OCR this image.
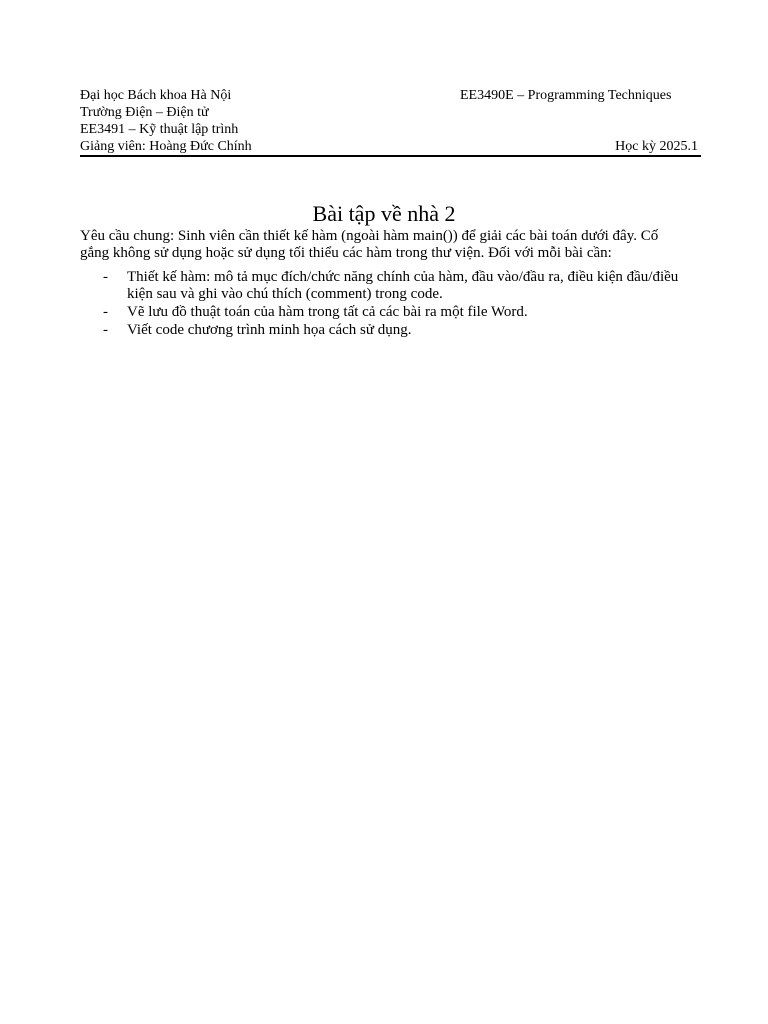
Đại học Bách khoa Hà Nội	EE3490E – Programming Techniques
Trường Điện – Điện tử
EE3491 – Kỹ thuật lập trình
Giảng viên: Hoàng Đức Chính	Học kỳ 2025.1
Bài tập về nhà 2
Yêu cầu chung: Sinh viên cần thiết kế hàm (ngoài hàm main()) để giải các bài toán dưới đây. Cố gắng không sử dụng hoặc sử dụng tối thiểu các hàm trong thư viện. Đối với mỗi bài cần:
- Thiết kế hàm: mô tả mục đích/chức năng chính của hàm, đầu vào/đầu ra, điều kiện đầu/điều kiện sau và ghi vào chú thích (comment) trong code.
- Vẽ lưu đồ thuật toán của hàm trong tất cả các bài ra một file Word.
- Viết code chương trình minh họa cách sử dụng.
